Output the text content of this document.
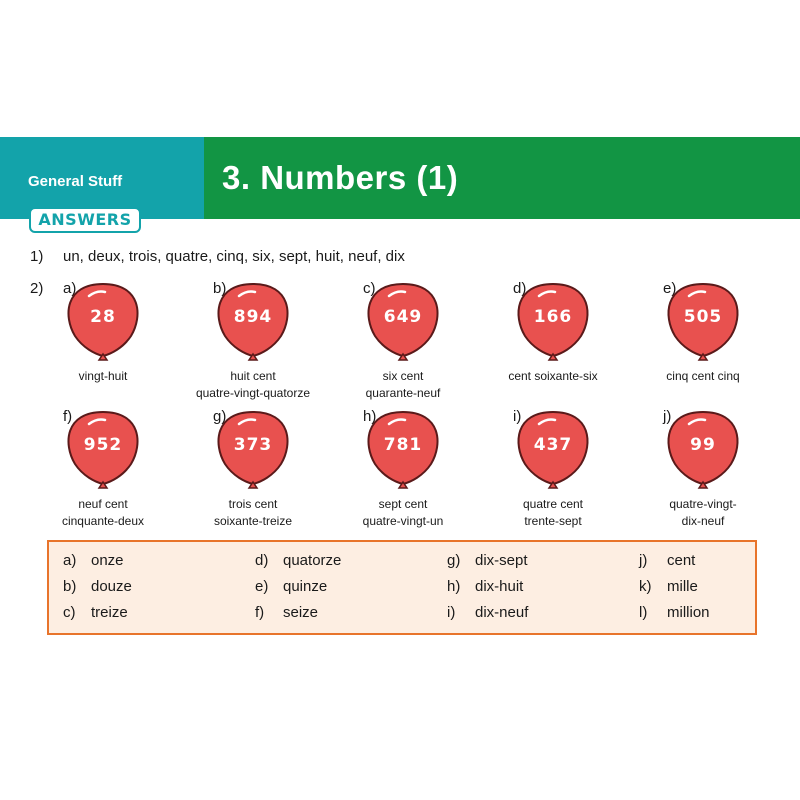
General Stuff	3. Numbers (1)
ANSWERS
1) un, deux, trois, quatre, cinq, six, sept, huit, neuf, dix
2) a)
28
vingt-huit
b)
894
huit cent
quatre-vingt-quatorze
c)
649
six cent
quarante-neuf
d)
166
cent soixante-six
e)
505
cinq cent cinq
f)
952
neuf cent
cinquante-deux
g)
373
trois cent
soixante-treize
h)
781
sept cent
quatre-vingt-un
i)
437
quatre cent
trente-sept
j)
99
quatre-vingt-
dix-neuf
a) onze
b) douze
c) treize
d) quatorze
e) quinze
f) seize
g) dix-sept
h) dix-huit
i) dix-neuf
j) cent
k) mille
l) million
